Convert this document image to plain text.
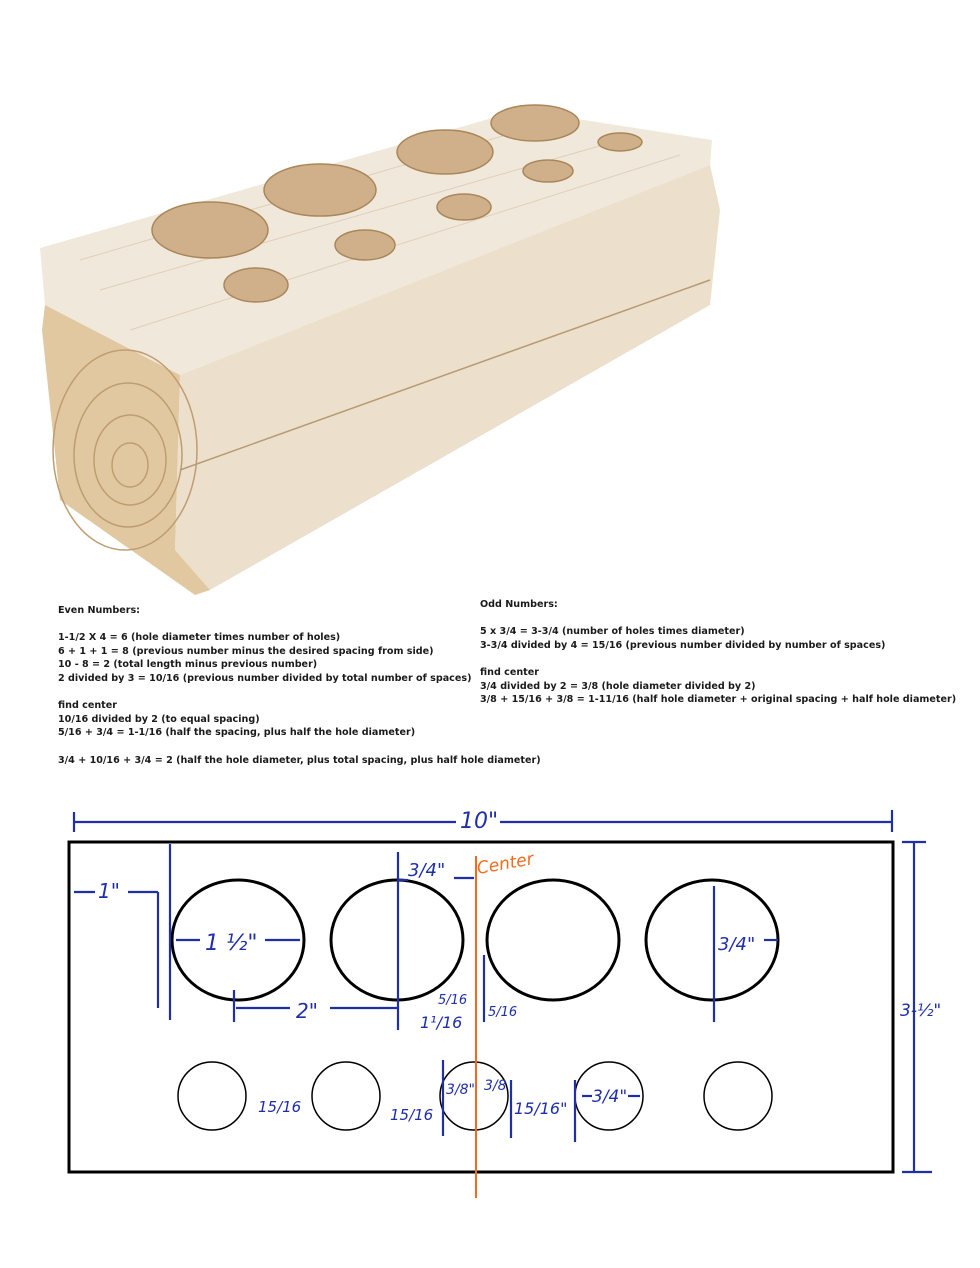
Even Numbers:
1-1/2 X 4 = 6 (hole diameter times number of holes)
6 + 1 + 1 = 8 (previous number minus the desired spacing from side)
10 - 8 = 2 (total length minus previous number)
2 divided by 3 = 10/16 (previous number divided by total number of spaces)
find center
10/16 divided by 2 (to equal spacing)
5/16 + 3/4 = 1-1/16 (half the spacing, plus half the hole diameter)
3/4 + 10/16 + 3/4 = 2 (half the hole diameter, plus total spacing, plus half hole diameter)
Odd Numbers:
5 x 3/4 = 3-3/4 (number of holes times diameter)
3-3/4 divided by 4 = 15/16 (previous number divided by number of spaces)
find center
3/4 divided by 2 = 3/8 (hole diameter divided by 2)
3/8 + 15/16 + 3/8 = 1-11/16 (half hole diameter + original spacing + half hole diameter)
10"
Center
1"
1 ½"
2"
3/4"
3/4"
5/16
5/16
1¹/16
3-½"
15/16	15/16
3/8" 3/8
15/16"
3/4"
